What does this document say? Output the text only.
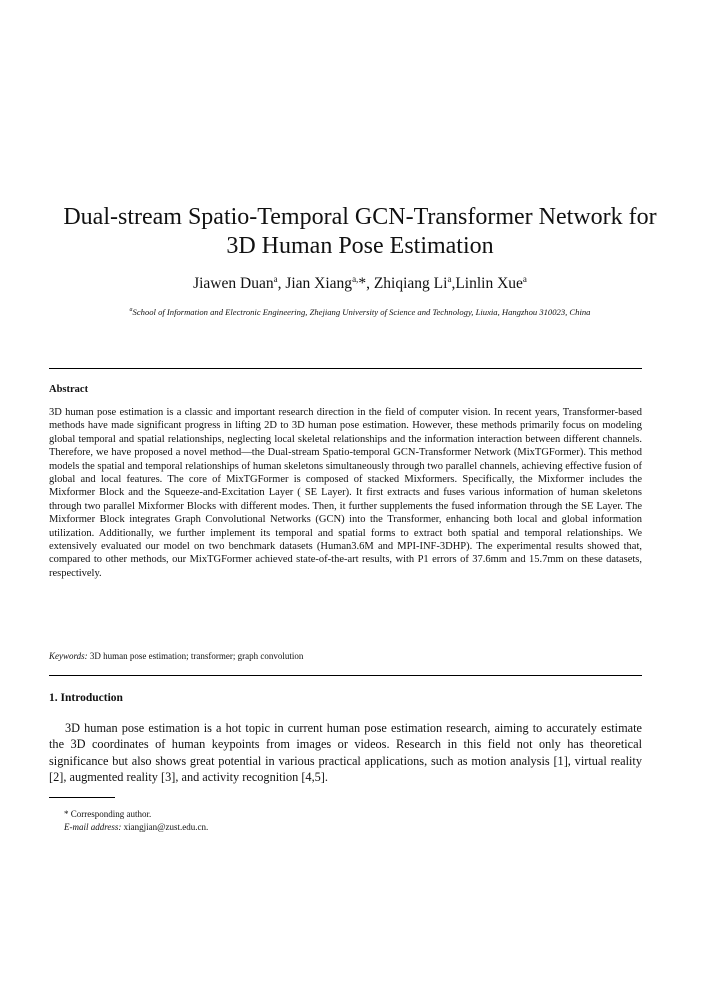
Dual-stream Spatio-Temporal GCN-Transformer Network for
3D Human Pose Estimation
Jiawen Duan$^a$, Jian Xiang$^{a,}$*, Zhiqiang Li$^a$,Linlin Xue$^a$
$^a$School of Information and Electronic Engineering, Zhejiang University of Science and Technology, Liuxia, Hangzhou 310023, China
Abstract

3D human pose estimation is a classic and important research direction in the field of computer vision. In recent years, Transformer-based methods have made significant progress in lifting 2D to 3D human pose estimation. However, these methods primarily focus on modeling global temporal and spatial relationships, neglecting local skeletal relationships and the information interaction between different channels. Therefore, we have proposed a novel method—the Dual-stream Spatio-temporal GCN-Transformer Network (MixTGFormer). This method models the spatial and temporal relationships of human skeletons simultaneously through two parallel channels, achieving effective fusion of global and local features. The core of MixTGFormer is composed of stacked Mixformers. Specifically, the Mixformer includes the Mixformer Block and the Squeeze-and-Excitation Layer ( SE Layer). It first extracts and fuses various information of human skeletons through two parallel Mixformer Blocks with different modes. Then, it further supplements the fused information through the SE Layer. The Mixformer Block integrates Graph Convolutional Networks (GCN) into the Transformer, enhancing both local and global information utilization. Additionally, we further implement its temporal and spatial forms to extract both spatial and temporal relationships. We extensively evaluated our model on two benchmark datasets (Human3.6M and MPI-INF-3DHP). The experimental results showed that, compared to other methods, our MixTGFormer achieved state-of-the-art results, with P1 errors of 37.6mm and 15.7mm on these datasets, respectively.

Keywords: 3D human pose estimation; transformer; graph convolution
1. Introduction

3D human pose estimation is a hot topic in current human pose estimation research, aiming to accurately estimate the 3D coordinates of human keypoints from images or videos. Research in this field not only has theoretical significance but also shows great potential in various practical applications, such as motion analysis [1], virtual reality [2], augmented reality [3], and activity recognition [4,5].

* Corresponding author.
E-mail address: xiangjian@zust.edu.cn.
